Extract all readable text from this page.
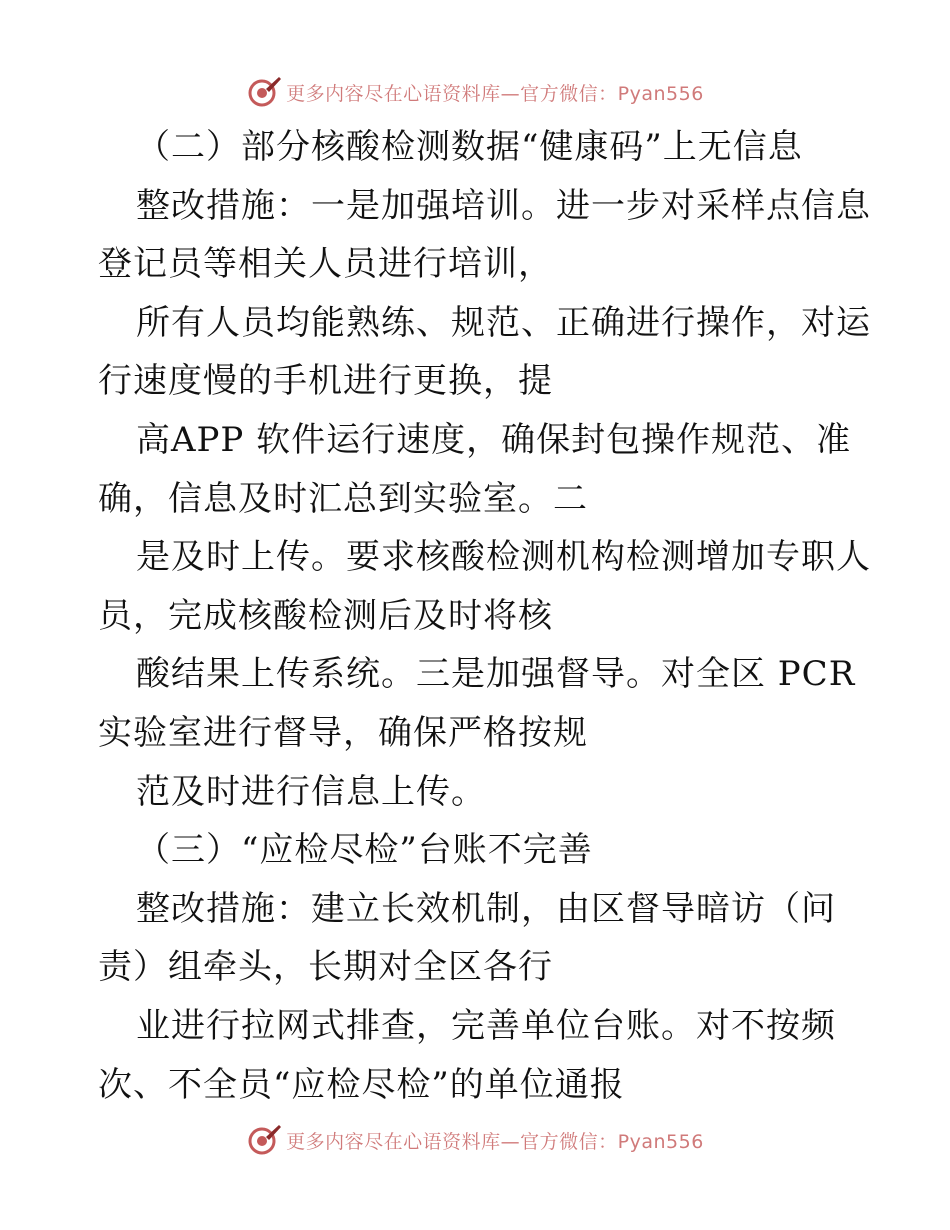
更多内容尽在心语资料库—官方微信：Pyan556
（二）部分核酸检测数据“健康码”上无信息
整改措施：一是加强培训。进一步对采样点信息
登记员等相关人员进行培训，
所有人员均能熟练、规范、正确进行操作，对运
行速度慢的手机进行更换，提
高APP 软件运行速度，确保封包操作规范、准
确，信息及时汇总到实验室。二
是及时上传。要求核酸检测机构检测增加专职人
员，完成核酸检测后及时将核
酸结果上传系统。三是加强督导。对全区 PCR
实验室进行督导，确保严格按规
范及时进行信息上传。
（三）“应检尽检”台账不完善
整改措施：建立长效机制，由区督导暗访（问
责）组牵头，长期对全区各行
业进行拉网式排查，完善单位台账。对不按频
次、不全员“应检尽检”的单位通报
更多内容尽在心语资料库—官方微信：Pyan556
